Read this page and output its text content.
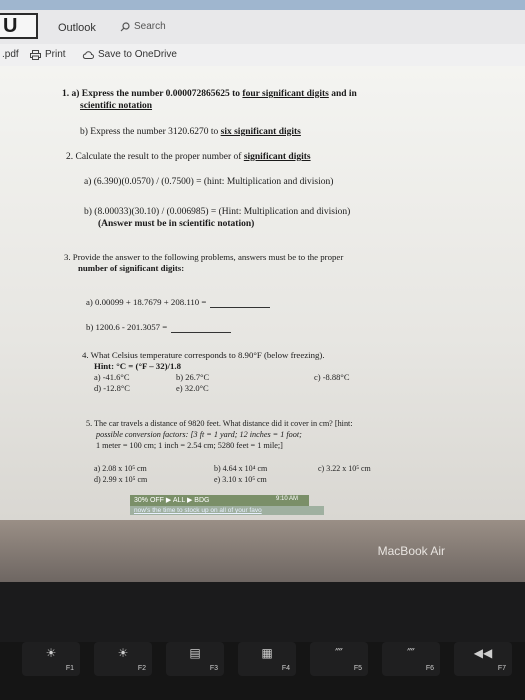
U	Outlook	Search
.pdf	Print	Save to OneDrive
1. a) Express the number 0.000072865625 to four significant digits and in
scientific notation
b) Express the number 3120.6270 to six significant digits
2. Calculate the result to the proper number of significant digits
a) (6.390)(0.0570) / (0.7500) = (hint: Multiplication and division)
b) (8.00033)(30.10) / (0.006985) = (Hint: Multiplication and division)
(Answer must be in scientific notation)
3. Provide the answer to the following problems, answers must be to the proper
number of significant digits:
a) 0.00099 + 18.7679 + 208.110 =
b) 1200.6 - 201.3057 =
4. What Celsius temperature corresponds to 8.90°F (below freezing).
Hint: °C = (°F – 32)/1.8
a) -41.6°C	b) 26.7°C	c) -8.88°C
d) -12.8°C	e) 32.0°C
5. The car travels a distance of 9820 feet. What distance did it cover in cm? [hint:
possible conversion factors: [3 ft = 1 yard; 12 inches = 1 foot;
1 meter = 100 cm; 1 inch = 2.54 cm; 5280 feet = 1 mile;]
a) 2.08 x 10⁵ cm	b) 4.64 x 10⁴ cm	c) 3.22 x 10⁵ cm
d) 2.99 x 10⁵ cm	e) 3.10 x 10⁵ cm
30% OFF ▶ ALL ▶ BDG
now's the time to stock up on all of your favo
9:10 AM
MacBook Air
☀
F1
☀
F2
▤
F3
▦
F4
⁗
F5
⁗
F6
◀◀
F7
